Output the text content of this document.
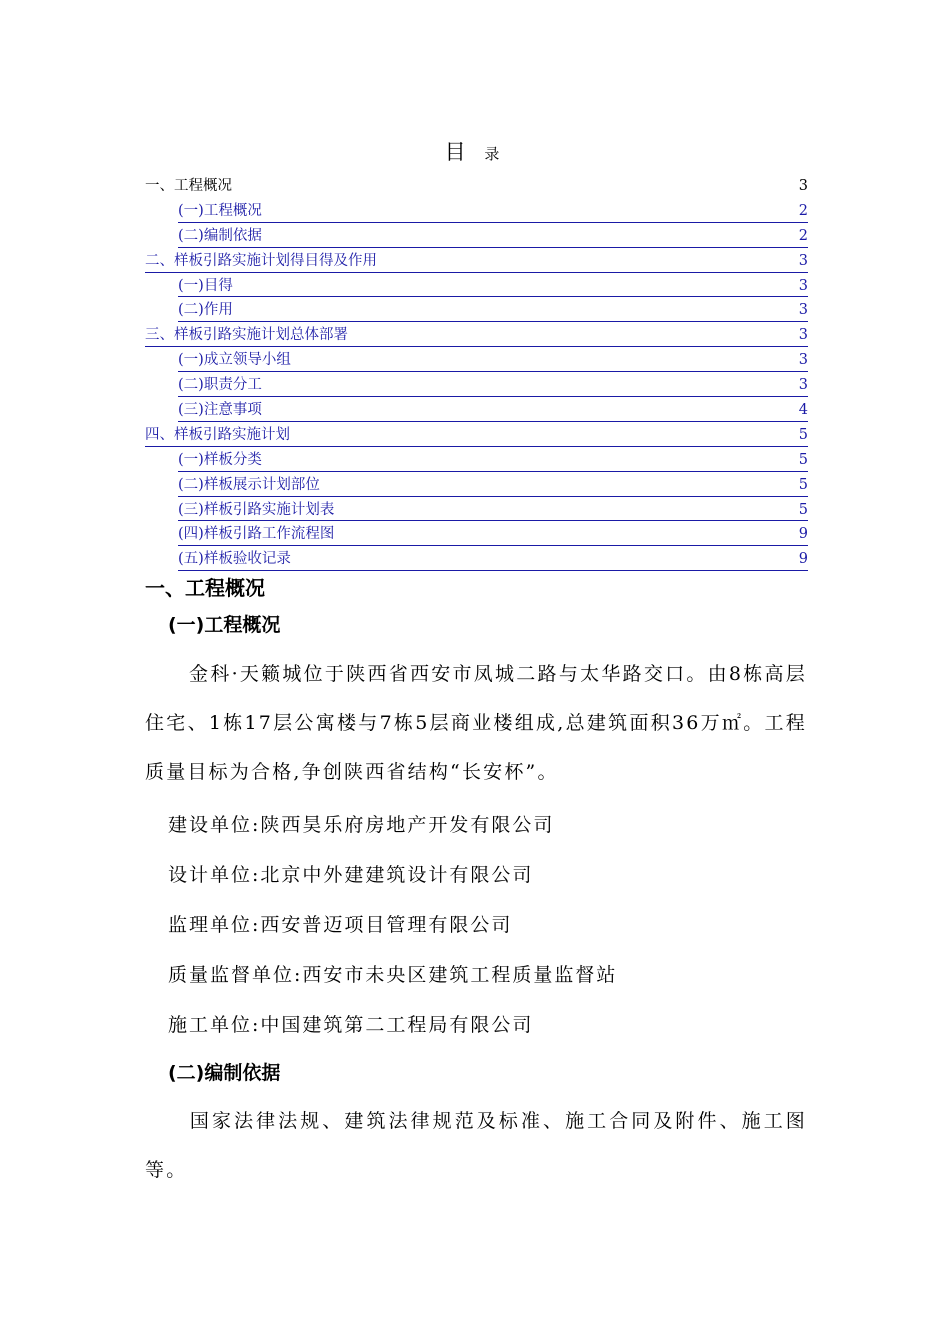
目 录
一、工程概况	3
(一)工程概况	2
(二)编制依据	2
二、样板引路实施计划得目得及作用	3
(一)目得	3
(二)作用	3
三、样板引路实施计划总体部署	3
(一)成立领导小组	3
(二)职责分工	3
(三)注意事项	4
四、样板引路实施计划	5
(一)样板分类	5
(二)样板展示计划部位	5
(三)样板引路实施计划表	5
(四)样板引路工作流程图	9
(五)样板验收记录	9
一、工程概况
(一)工程概况
金科·天籁城位于陕西省西安市凤城二路与太华路交口。由8栋高层住宅、1栋17层公寓楼与7栋5层商业楼组成,总建筑面积36万㎡。工程质量目标为合格,争创陕西省结构“长安杯”。
建设单位:陕西昊乐府房地产开发有限公司
设计单位:北京中外建建筑设计有限公司
监理单位:西安普迈项目管理有限公司
质量监督单位:西安市未央区建筑工程质量监督站
施工单位:中国建筑第二工程局有限公司
(二)编制依据
国家法律法规、建筑法律规范及标准、施工合同及附件、施工图等。
